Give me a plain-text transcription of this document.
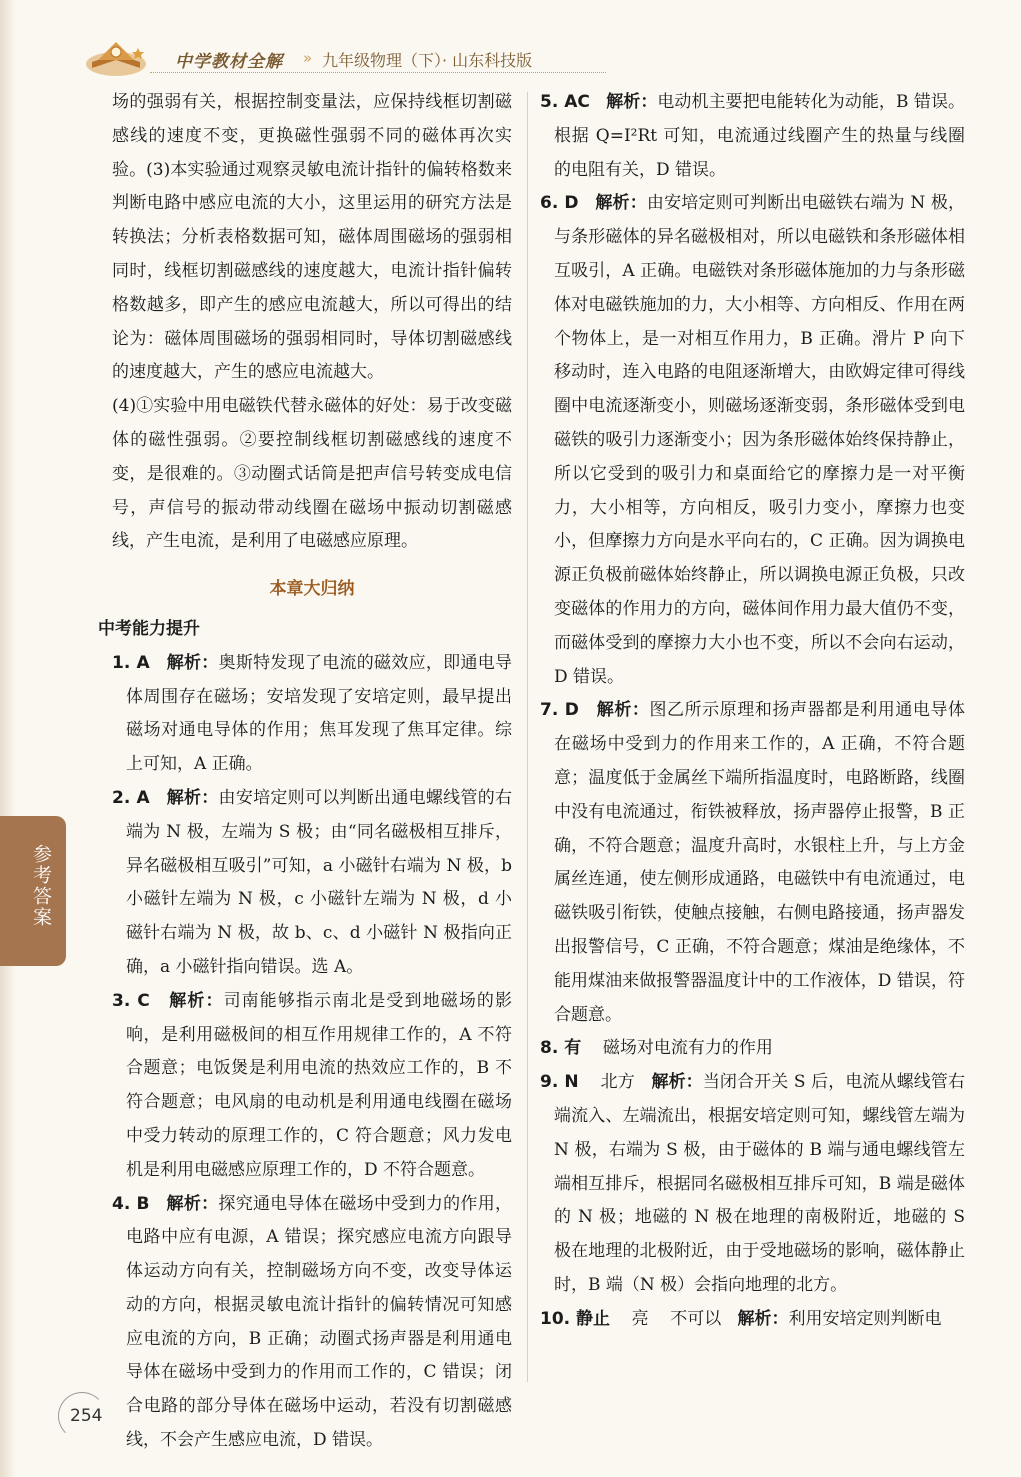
中学教材全解 » 九年级物理（下）· 山东科技版

场的强弱有关，根据控制变量法，应保持线框切割磁感线的速度不变，更换磁性强弱不同的磁体再次实验。(3)本实验通过观察灵敏电流计指针的偏转格数来判断电路中感应电流的大小，这里运用的研究方法是转换法；分析表格数据可知，磁体周围磁场的强弱相同时，线框切割磁感线的速度越大，电流计指针偏转格数越多，即产生的感应电流越大，所以可得出的结论为：磁体周围磁场的强弱相同时，导体切割磁感线的速度越大，产生的感应电流越大。

(4)①实验中用电磁铁代替永磁体的好处：易于改变磁体的磁性强弱。②要控制线框切割磁感线的速度不变，是很难的。③动圈式话筒是把声信号转变成电信号，声信号的振动带动线圈在磁场中振动切割磁感线，产生电流，是利用了电磁感应原理。

本章大归纳
中考能力提升

1. A 解析：奥斯特发现了电流的磁效应，即通电导体周围存在磁场；安培发现了安培定则，最早提出磁场对通电导体的作用；焦耳发现了焦耳定律。综上可知，A 正确。

2. A 解析：由安培定则可以判断出通电螺线管的右端为 N 极，左端为 S 极；由“同名磁极相互排斥，异名磁极相互吸引”可知，a 小磁针右端为 N 极，b 小磁针左端为 N 极，c 小磁针左端为 N 极，d 小磁针右端为 N 极，故 b、c、d 小磁针 N 极指向正确，a 小磁针指向错误。选 A。

3. C 解析：司南能够指示南北是受到地磁场的影响，是利用磁极间的相互作用规律工作的，A 不符合题意；电饭煲是利用电流的热效应工作的，B 不符合题意；电风扇的电动机是利用通电线圈在磁场中受力转动的原理工作的，C 符合题意；风力发电机是利用电磁感应原理工作的，D 不符合题意。

4. B 解析：探究通电导体在磁场中受到力的作用，电路中应有电源，A 错误；探究感应电流方向跟导体运动方向有关，控制磁场方向不变，改变导体运动的方向，根据灵敏电流计指针的偏转情况可知感应电流的方向，B 正确；动圈式扬声器是利用通电导体在磁场中受到力的作用而工作的，C 错误；闭合电路的部分导体在磁场中运动，若没有切割磁感线，不会产生感应电流，D 错误。

5. AC 解析：电动机主要把电能转化为动能，B 错误。根据 Q=I²Rt 可知，电流通过线圈产生的热量与线圈的电阻有关，D 错误。

6. D 解析：由安培定则可判断出电磁铁右端为 N 极，与条形磁体的异名磁极相对，所以电磁铁和条形磁体相互吸引，A 正确。电磁铁对条形磁体施加的力与条形磁体对电磁铁施加的力，大小相等、方向相反、作用在两个物体上，是一对相互作用力，B 正确。滑片 P 向下移动时，连入电路的电阻逐渐增大，由欧姆定律可得线圈中电流逐渐变小，则磁场逐渐变弱，条形磁体受到电磁铁的吸引力逐渐变小；因为条形磁体始终保持静止，所以它受到的吸引力和桌面给它的摩擦力是一对平衡力，大小相等，方向相反，吸引力变小，摩擦力也变小，但摩擦力方向是水平向右的，C 正确。因为调换电源正负极前磁体始终静止，所以调换电源正负极，只改变磁体的作用力的方向，磁体间作用力最大值仍不变，而磁体受到的摩擦力大小也不变，所以不会向右运动，D 错误。

7. D 解析：图乙所示原理和扬声器都是利用通电导体在磁场中受到力的作用来工作的，A 正确，不符合题意；温度低于金属丝下端所指温度时，电路断路，线圈中没有电流通过，衔铁被释放，扬声器停止报警，B 正确，不符合题意；温度升高时，水银柱上升，与上方金属丝连通，使左侧形成通路，电磁铁中有电流通过，电磁铁吸引衔铁，使触点接触，右侧电路接通，扬声器发出报警信号，C 正确，不符合题意；煤油是绝缘体，不能用煤油来做报警器温度计中的工作液体，D 错误，符合题意。

8. 有 磁场对电流有力的作用

9. N 北方 解析：当闭合开关 S 后，电流从螺线管右端流入、左端流出，根据安培定则可知，螺线管左端为 N 极，右端为 S 极，由于磁体的 B 端与通电螺线管左端相互排斥，根据同名磁极相互排斥可知，B 端是磁体的 N 极；地磁的 N 极在地理的南极附近，地磁的 S 极在地理的北极附近，由于受地磁场的影响，磁体静止时，B 端（N 极）会指向地理的北方。

10. 静止 亮 不可以 解析：利用安培定则判断电

参考答案
254
